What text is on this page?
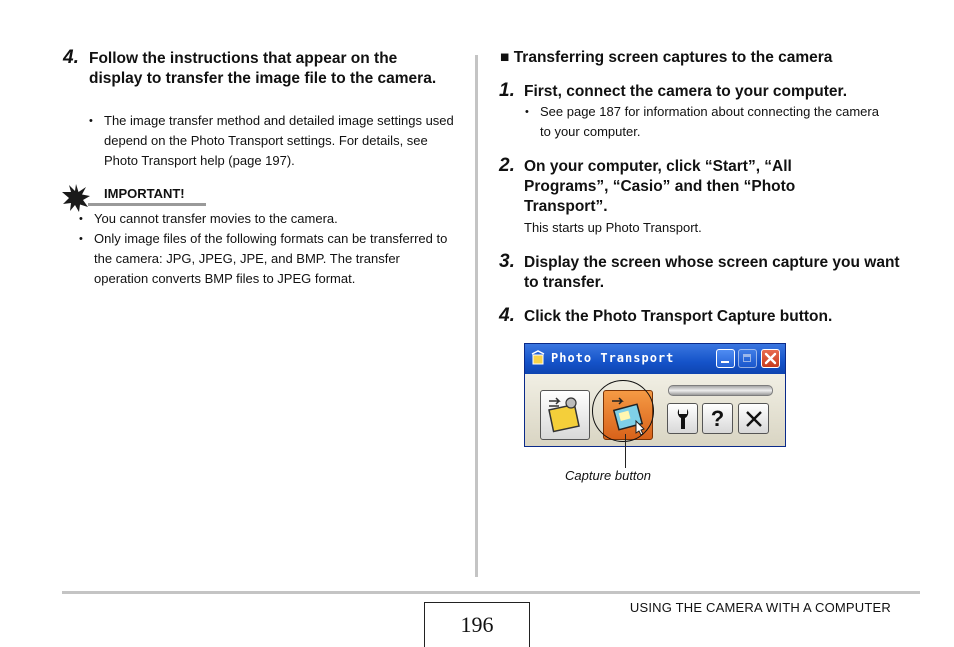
4. Follow the instructions that appear on the display to transfer the image file to the camera.
• The image transfer method and detailed image settings used depend on the Photo Transport settings. For details, see Photo Transport help (page 197).
IMPORTANT!
• You cannot transfer movies to the camera.
• Only image files of the following formats can be transferred to the camera: JPG, JPEG, JPE, and BMP. The transfer operation converts BMP files to JPEG format.
■ Transferring screen captures to the camera
1. First, connect the camera to your computer.
• See page 187 for information about connecting the camera to your computer.
2. On your computer, click “Start”, “All Programs”, “Casio” and then “Photo Transport”.
This starts up Photo Transport.
3. Display the screen whose screen capture you want to transfer.
4. Click the Photo Transport Capture button.
Photo Transport
?
Capture button
196
USING THE CAMERA WITH A COMPUTER
